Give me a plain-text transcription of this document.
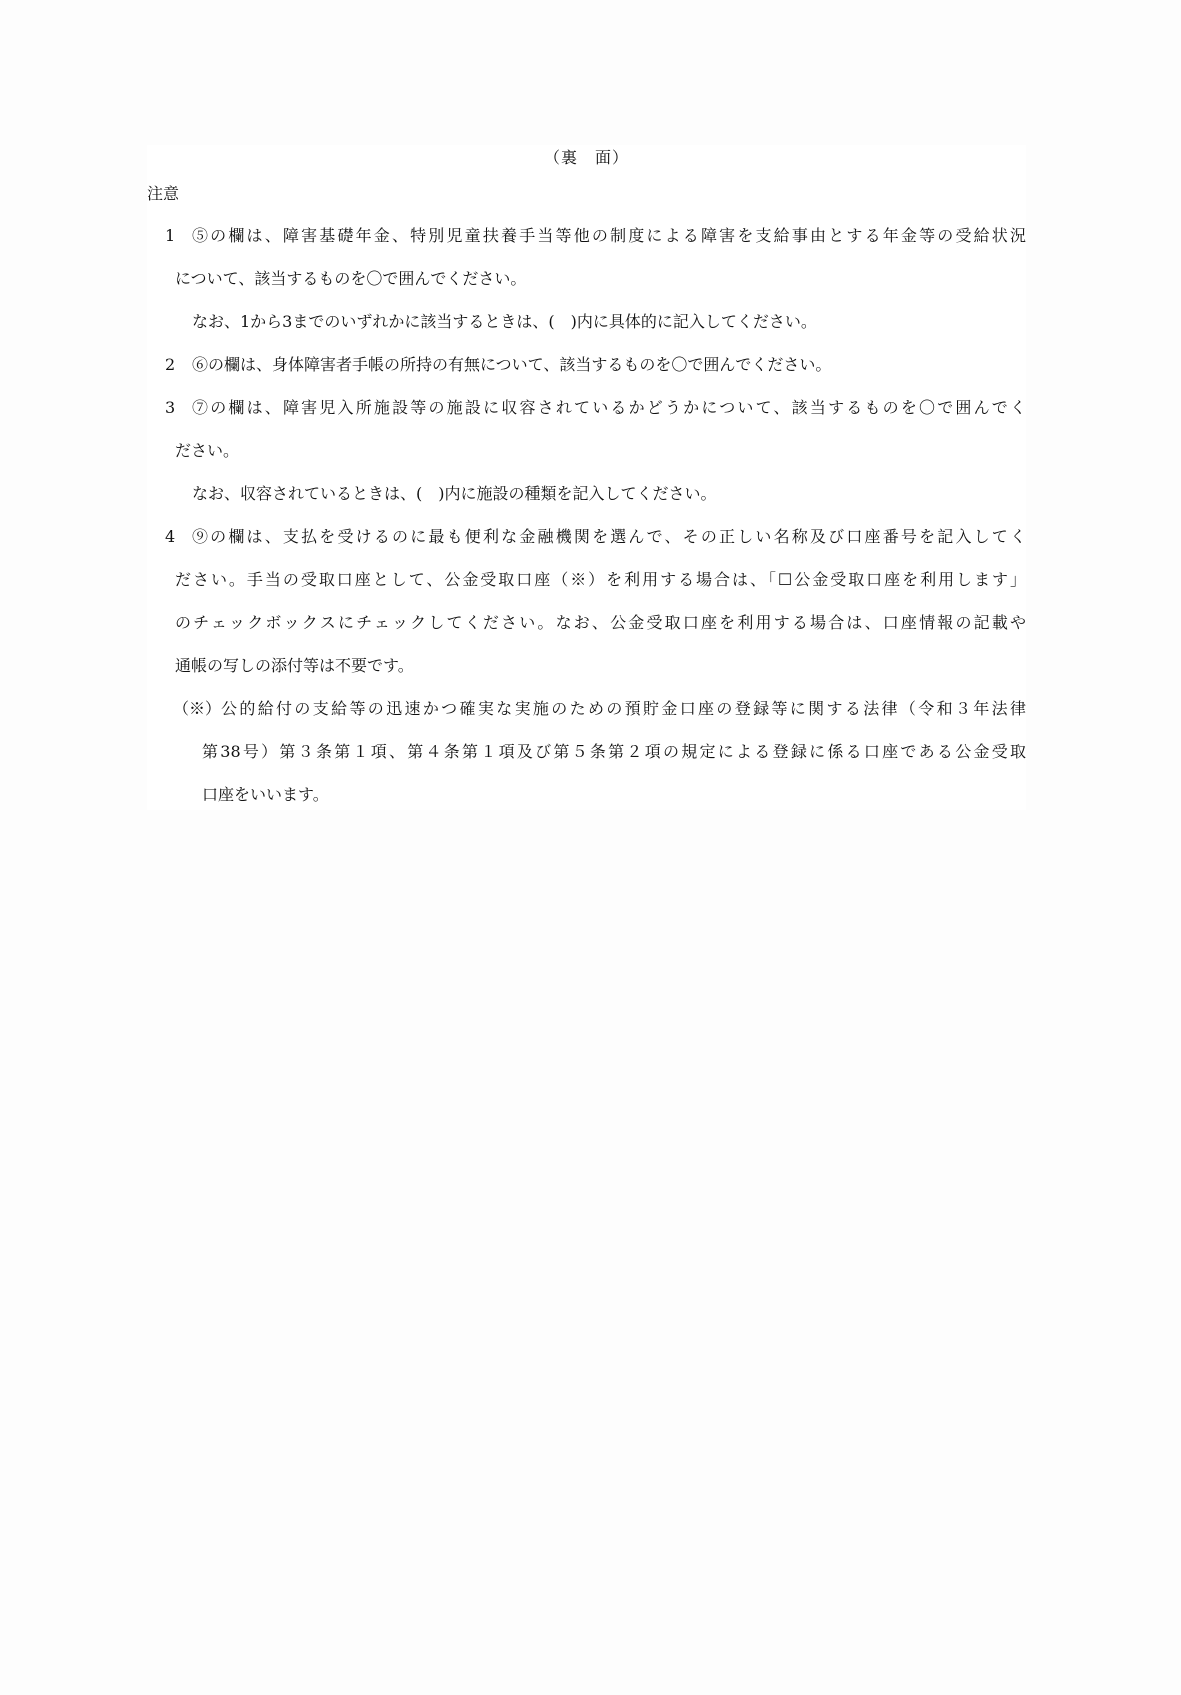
（裏　面）
注意
1 ⑤の欄は、障害基礎年金、特別児童扶養手当等他の制度による障害を支給事由とする年金等の受給状況
について、該当するものを〇で囲んでください。
なお、1から3までのいずれかに該当するときは、(　)内に具体的に記入してください。
2 ⑥の欄は、身体障害者手帳の所持の有無について、該当するものを〇で囲んでください。
3 ⑦の欄は、障害児入所施設等の施設に収容されているかどうかについて、該当するものを〇で囲んでく
ださい。
なお、収容されているときは、(　)内に施設の種類を記入してください。
4 ⑨の欄は、支払を受けるのに最も便利な金融機関を選んで、その正しい名称及び口座番号を記入してく
ださい。手当の受取口座として、公金受取口座（※）を利用する場合は、「☐公金受取口座を利用します」
のチェックボックスにチェックしてください。なお、公金受取口座を利用する場合は、口座情報の記載や
通帳の写しの添付等は不要です。
（※） 公的給付の支給等の迅速かつ確実な実施のための預貯金口座の登録等に関する法律（令和３年法律
第38号）第３条第１項、第４条第１項及び第５条第２項の規定による登録に係る口座である公金受取
口座をいいます。
